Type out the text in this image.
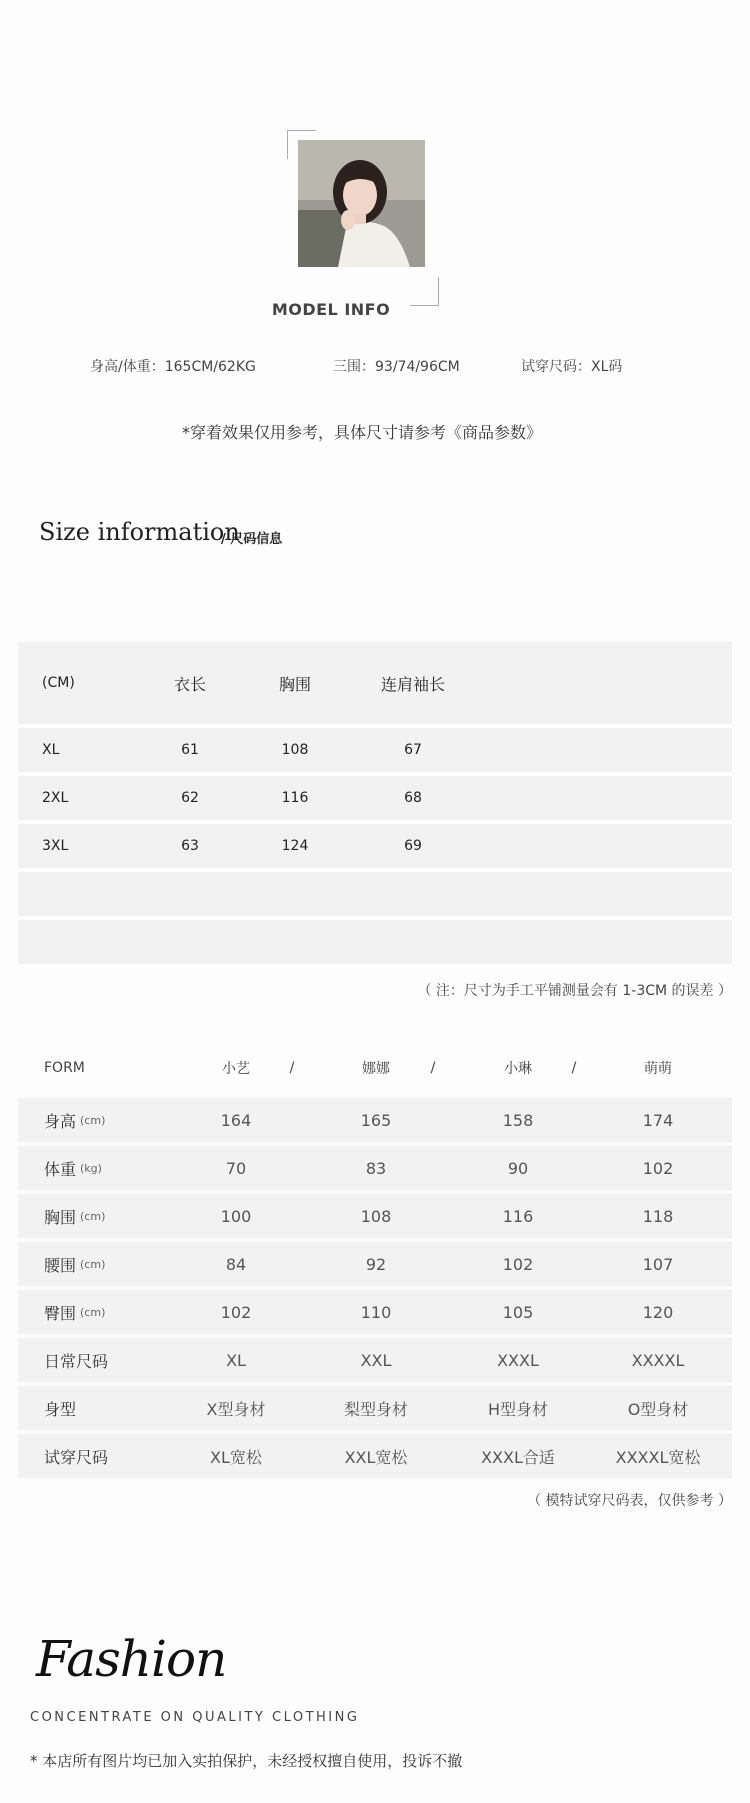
MODEL INFO
身高/体重：165CM/62KG	三围：93/74/96CM	试穿尺码：XL码
*穿着效果仅用参考，具体尺寸请参考《商品参数》
Size information
/ 尺码信息
(CM)	衣长	胸围	连肩袖长
XL	61	108	67
2XL	62	116	68
3XL	63	124	69
（ 注：尺寸为手工平铺测量会有 1-3CM 的误差 ）
FORM	小艺	/	娜娜	/	小琳	/	萌萌
身高 (cm)	164	165	158	174
体重 (kg)	70	83	90	102
胸围 (cm)	100	108	116	118
腰围 (cm)	84	92	102	107
臀围 (cm)	102	110	105	120
日常尺码	XL	XXL	XXXL	XXXXL
身型	X型身材	梨型身材	H型身材	O型身材
试穿尺码	XL宽松	XXL宽松	XXXL合适	XXXXL宽松
（ 模特试穿尺码表，仅供参考 ）
Fashion
CONCENTRATE ON QUALITY CLOTHING
* 本店所有图片均已加入实拍保护，未经授权擅自使用，投诉不撤
